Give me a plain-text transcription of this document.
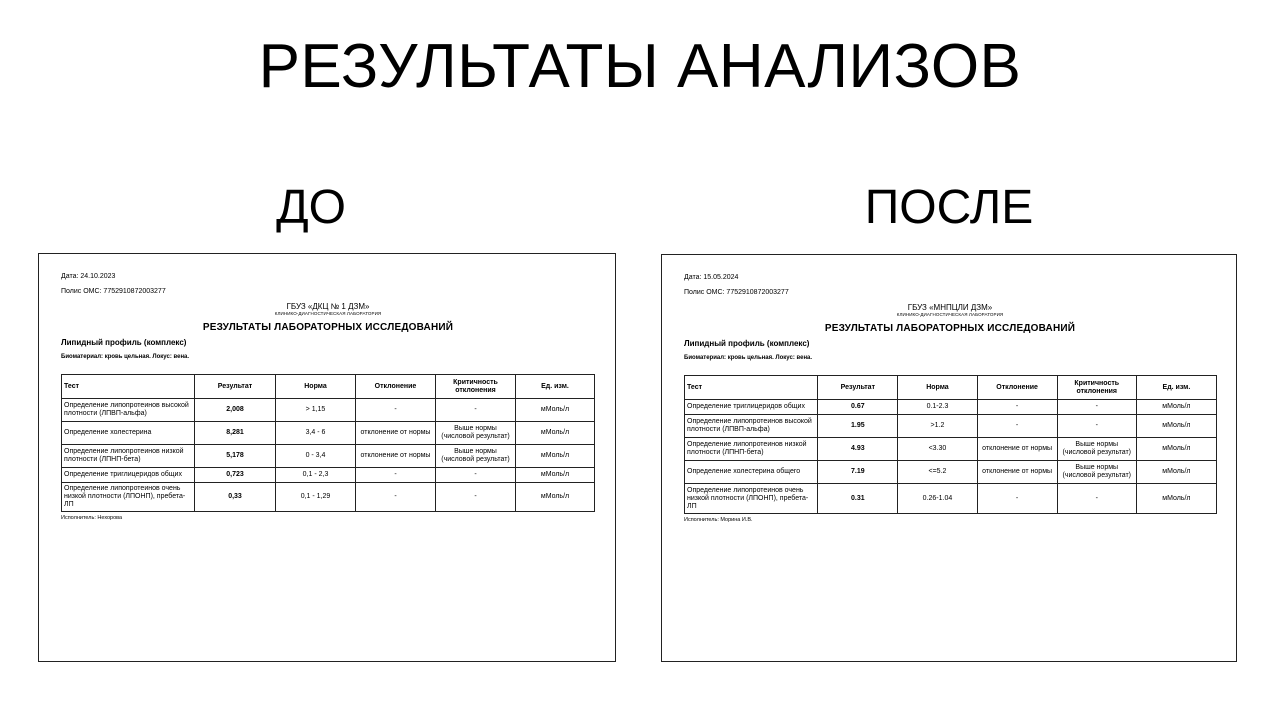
РЕЗУЛЬТАТЫ АНАЛИЗОВ
ДО	ПОСЛЕ
Дата: 24.10.2023
Полис ОМС: 7752910872003277
ГБУЗ «ДКЦ № 1 ДЗМ»
КЛИНИКО-ДИАГНОСТИЧЕСКАЯ ЛАБОРАТОРИЯ
РЕЗУЛЬТАТЫ ЛАБОРАТОРНЫХ ИССЛЕДОВАНИЙ
Липидный профиль (комплекс)
Биоматериал: кровь цельная. Локус: вена.
Тест	Результат	Норма	Отклонение	Критичность отклонения	Ед. изм.
Определение липопротеинов высокой плотности (ЛПВП-альфа)	2,008	> 1,15	-	-	мМоль/л
Определение холестерина	8,281	3,4 - 6	отклонение от нормы	Выше нормы (числовой результат)	мМоль/л
Определение липопротеинов низкой плотности (ЛПНП-бета)	5,178	0 - 3,4	отклонение от нормы	Выше нормы (числовой результат)	мМоль/л
Определение триглицеридов общих	0,723	0,1 - 2,3	-	-	мМоль/л
Определение липопротеинов очень низкой плотности (ЛПОНП), пребета-ЛП	0,33	0,1 - 1,29	-	-	мМоль/л
Исполнитель: Нехорова
Дата: 15.05.2024
Полис ОМС: 7752910872003277
ГБУЗ «МНПЦЛИ ДЗМ»
КЛИНИКО-ДИАГНОСТИЧЕСКАЯ ЛАБОРАТОРИЯ
РЕЗУЛЬТАТЫ ЛАБОРАТОРНЫХ ИССЛЕДОВАНИЙ
Липидный профиль (комплекс)
Биоматериал: кровь цельная. Локус: вена.
Тест	Результат	Норма	Отклонение	Критичность отклонения	Ед. изм.
Определение триглицеридов общих	0.67	0.1-2.3	-	-	мМоль/л
Определение липопротеинов высокой плотности (ЛПВП-альфа)	1.95	>1.2	-	-	мМоль/л
Определение липопротеинов низкой плотности (ЛПНП-бета)	4.93	<3.30	отклонение от нормы	Выше нормы (числовой результат)	мМоль/л
Определение холестерина общего	7.19	<=5.2	отклонение от нормы	Выше нормы (числовой результат)	мМоль/л
Определение липопротеинов очень низкой плотности (ЛПОНП), пребета-ЛП	0.31	0.26-1.04	-	-	мМоль/л
Исполнитель: Морина И.В.
